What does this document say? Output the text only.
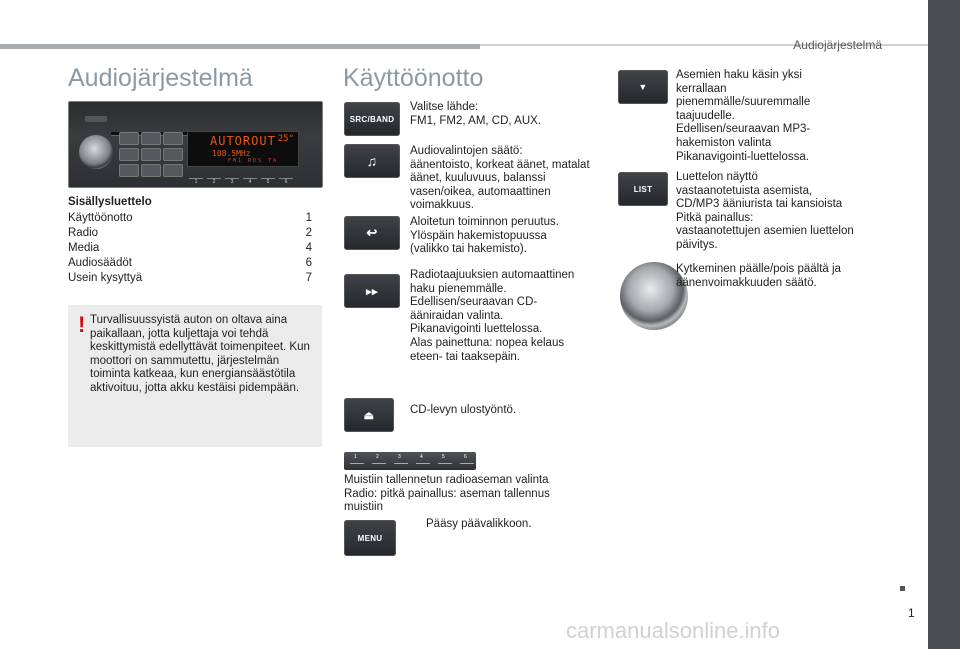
Audiojärjestelmä
Audiojärjestelmä
AUTOROUT 25°
108.5MHz
FM1 RDS TA
1	2	3	4	5	6
Sisällysluettelo
Käyttöönotto	1
Radio	2
Media	4
Audiosäädöt	6
Usein kysyttyä	7
! Turvallisuussyistä auton on oltava aina paikallaan, jotta kuljettaja voi tehdä keskittymistä edellyttävät toimenpiteet. Kun moottori on sammutettu, järjestelmän toiminta katkeaa, kun energiansäästötila aktivoituu, jotta akku kestäisi pidempään.
Käyttöönotto
SRC/BAND
Valitse lähde:
FM1, FM2, AM, CD, AUX.
♫
Audiovalintojen säätö:
äänentoisto, korkeat äänet, matalat äänet, kuuluvuus, balanssi vasen/oikea, automaattinen voimakkuus.
↩
Aloitetun toiminnon peruutus.
Ylöspäin hakemistopuussa (valikko tai hakemisto).
▸▸
Radiotaajuuksien automaattinen haku pienemmälle.
Edellisen/seuraavan CD-ääniraidan valinta.
Pikanavigointi luettelossa.
Alas painettuna: nopea kelaus eteen- tai taaksepäin.
⏏	CD-levyn ulostyöntö.
1	2	3	4	5	6
Muistiin tallennetun radioaseman valinta
Radio: pitkä painallus: aseman tallennus muistiin
MENU
Pääsy päävalikkoon.
▼
Asemien haku käsin yksi kerrallaan pienemmälle/suuremmalle taajuudelle.
Edellisen/seuraavan MP3-hakemiston valinta
Pikanavigointi-luettelossa.
LIST
Luettelon näyttö
vastaanotetuista asemista, CD/MP3 ääniurista tai kansioista
Pitkä painallus:
vastaanotettujen asemien luettelon päivitys.
Kytkeminen päälle/pois päältä ja äänenvoimakkuuden säätö.
1
carmanualsonline.info
